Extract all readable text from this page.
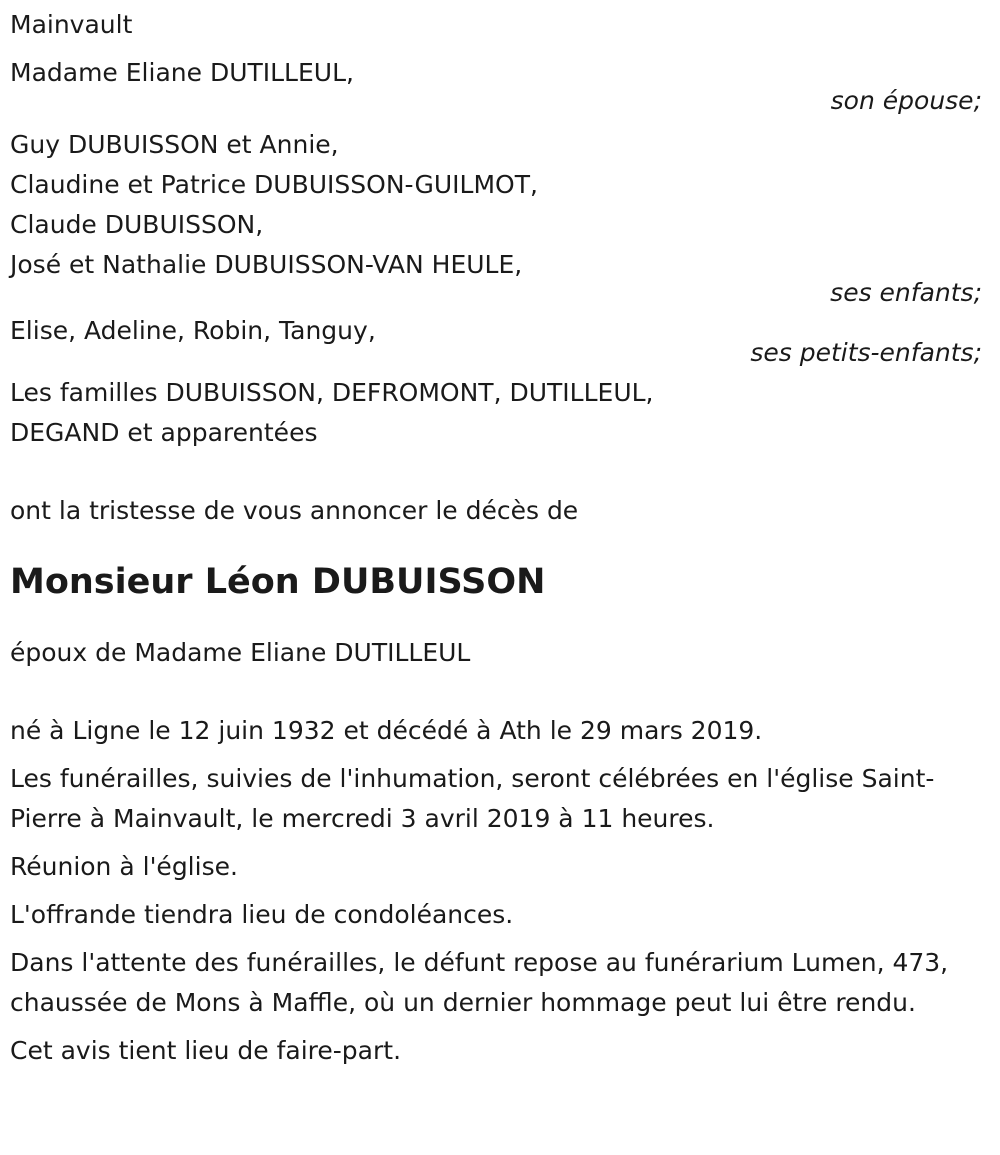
Mainvault

Madame Eliane DUTILLEUL,

son épouse;

Guy DUBUISSON et Annie,

Claudine et Patrice DUBUISSON-GUILMOT,

Claude DUBUISSON,

José et Nathalie DUBUISSON-VAN HEULE,

ses enfants;

Elise, Adeline, Robin, Tanguy,

ses petits-enfants;

Les familles DUBUISSON, DEFROMONT, DUTILLEUL,

DEGAND et apparentées

ont la tristesse de vous annoncer le décès de

Monsieur Léon DUBUISSON

époux de Madame Eliane DUTILLEUL

né à Ligne le 12 juin 1932 et décédé à Ath le 29 mars 2019.

Les funérailles, suivies de l'inhumation, seront célébrées en l'église Saint-Pierre à Mainvault, le mercredi 3 avril 2019 à 11 heures.

Réunion à l'église.

L'offrande tiendra lieu de condoléances.

Dans l'attente des funérailles, le défunt repose au funérarium Lumen, 473, chaussée de Mons à Maffle, où un dernier hommage peut lui être rendu.

Cet avis tient lieu de faire-part.
